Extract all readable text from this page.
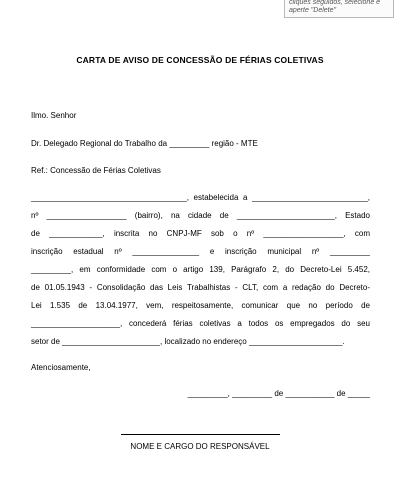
cliques seguidos, selecione e
aperte "Delete"
CARTA DE AVISO DE CONCESSÃO DE FÉRIAS COLETIVAS
Ilmo. Senhor
Dr. Delegado Regional do Trabalho da _________ região - MTE
Ref.: Concessão de Férias Coletivas
___________________________________, estabelecida a __________________________,
nº __________________ (bairro), na cidade de ______________________, Estado
de ____________, inscrita no CNPJ-MF sob o nº __________________, com
inscrição estadual nº _______________ e inscrição municipal nº _________
_________, em conformidade com o artigo 139, Parágrafo 2, do Decreto-Lei 5.452,
de 01.05.1943 - Consolidação das Leis Trabalhistas - CLT, com a redação do Decreto-
Lei 1.535 de 13.04.1977, vem, respeitosamente, comunicar que no período de
____________________, concederá férias coletivas a todos os empregados do seu
setor de ______________________, localizado no endereço _____________________.
Atenciosamente,
_________, _________ de ___________ de _____
NOME E CARGO DO RESPONSÁVEL
